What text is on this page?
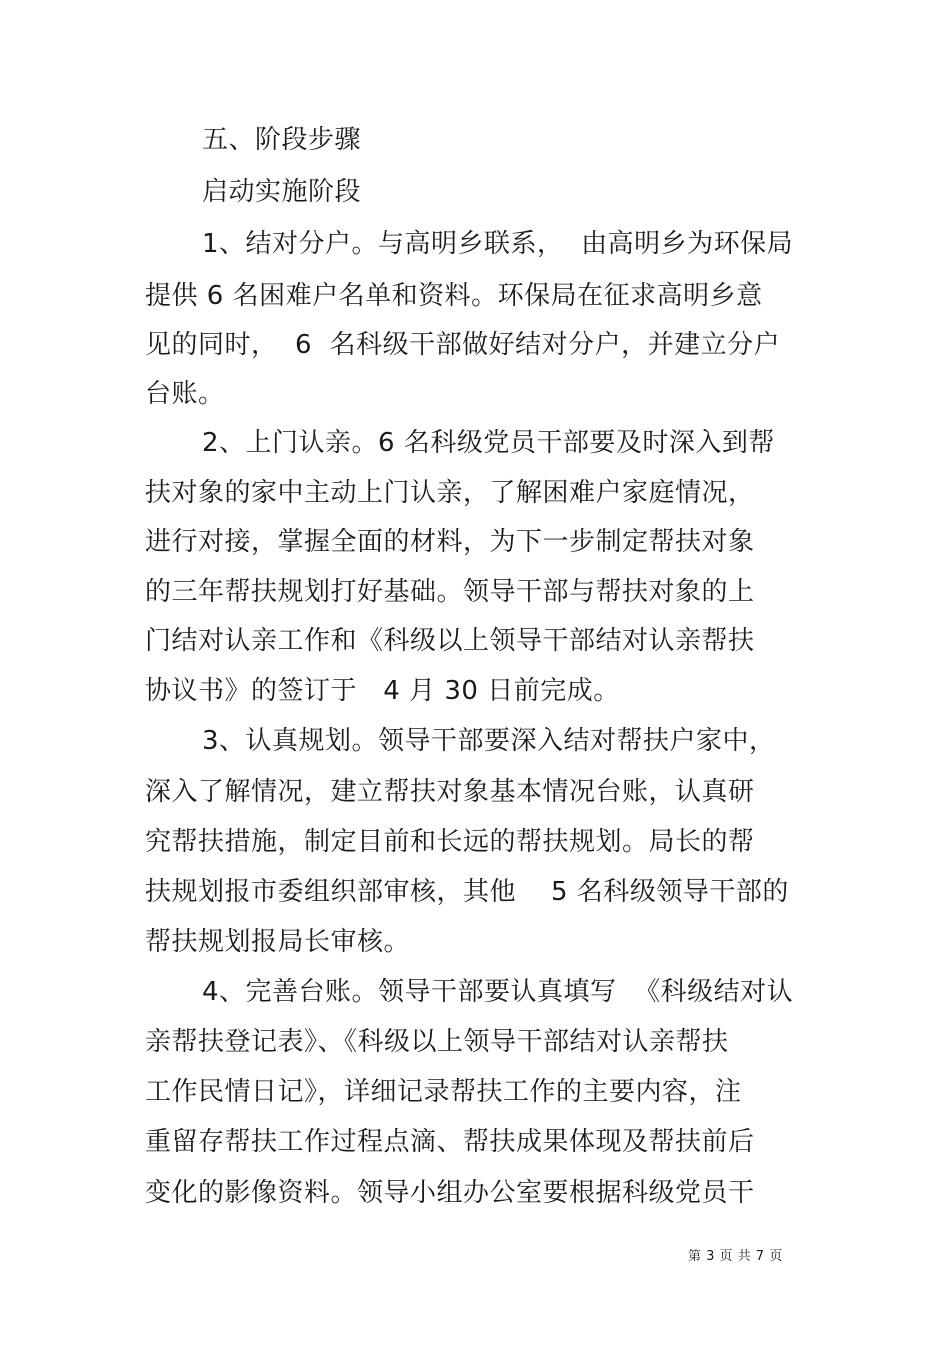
五、阶段步骤
启动实施阶段
1、结对分户。与高明乡联系，  由高明乡为环保局
提供 6 名困难户名单和资料。环保局在征求高明乡意
见的同时，  6  名科级干部做好结对分户，并建立分户
台账。
2、上门认亲。6 名科级党员干部要及时深入到帮
扶对象的家中主动上门认亲，了解困难户家庭情况，
进行对接，掌握全面的材料，为下一步制定帮扶对象
的三年帮扶规划打好基础。领导干部与帮扶对象的上
门结对认亲工作和《科级以上领导干部结对认亲帮扶
协议书》的签订于   4 月 30 日前完成。
3、认真规划。领导干部要深入结对帮扶户家中，
深入了解情况，建立帮扶对象基本情况台账，认真研
究帮扶措施，制定目前和长远的帮扶规划。局长的帮
扶规划报市委组织部审核，其他    5 名科级领导干部的
帮扶规划报局长审核。
4、完善台账。领导干部要认真填写  《科级结对认
亲帮扶登记表》、《科级以上领导干部结对认亲帮扶
工作民情日记》，详细记录帮扶工作的主要内容，注
重留存帮扶工作过程点滴、帮扶成果体现及帮扶前后
变化的影像资料。领导小组办公室要根据科级党员干
第 3 页 共 7 页
